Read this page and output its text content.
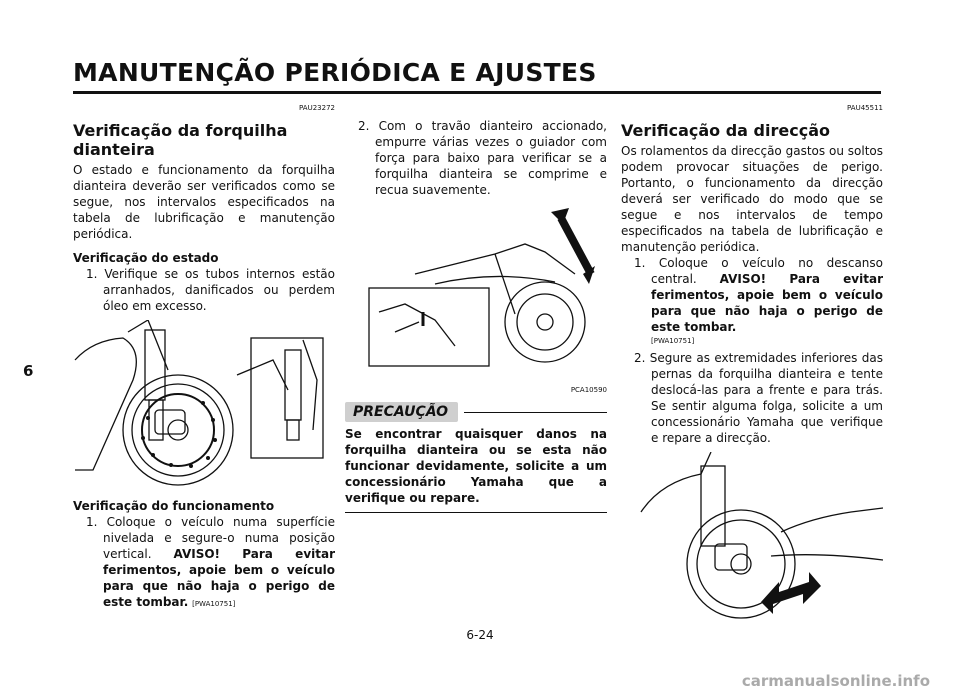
MANUTENÇÃO PERIÓDICA E AJUSTES
6
PAU23272
Verificação da forquilha dianteira

O estado e funcionamento da forquilha dianteira deverão ser verificados como se segue, nos intervalos especificados na tabela de lubrificação e manutenção periódica.

Verificação do estado

1. Verifique se os tubos internos estão arranhados, danificados ou perdem óleo em excesso.

Verificação do funcionamento

1. Coloque o veículo numa superfície nivelada e segure-o numa posição vertical. AVISO! Para evitar ferimentos, apoie bem o veículo para que não haja o perigo de este tombar. [PWA10751]

2. Com o travão dianteiro accionado, empurre várias vezes o guiador com força para baixo para verificar se a forquilha dianteira se comprime e recua suavemente.

PCA10590
PRECAUÇÃO

Se encontrar quaisquer danos na forquilha dianteira ou se esta não funcionar devidamente, solicite a um concessionário Yamaha que a verifique ou repare.

PAU45511
Verificação da direcção

Os rolamentos da direcção gastos ou soltos podem provocar situações de perigo. Portanto, o funcionamento da direcção deverá ser verificado do modo que se segue e nos intervalos de tempo especificados na tabela de lubrificação e manutenção periódica.

1. Coloque o veículo no descanso central. AVISO! Para evitar ferimentos, apoie bem o veículo para que não haja o perigo de este tombar.

[PWA10751]

2. Segure as extremidades inferiores das pernas da forquilha dianteira e tente deslocá-las para a frente e para trás. Se sentir alguma folga, solicite a um concessionário Yamaha que verifique e repare a direcção.

6-24
carmanualsonline.info
